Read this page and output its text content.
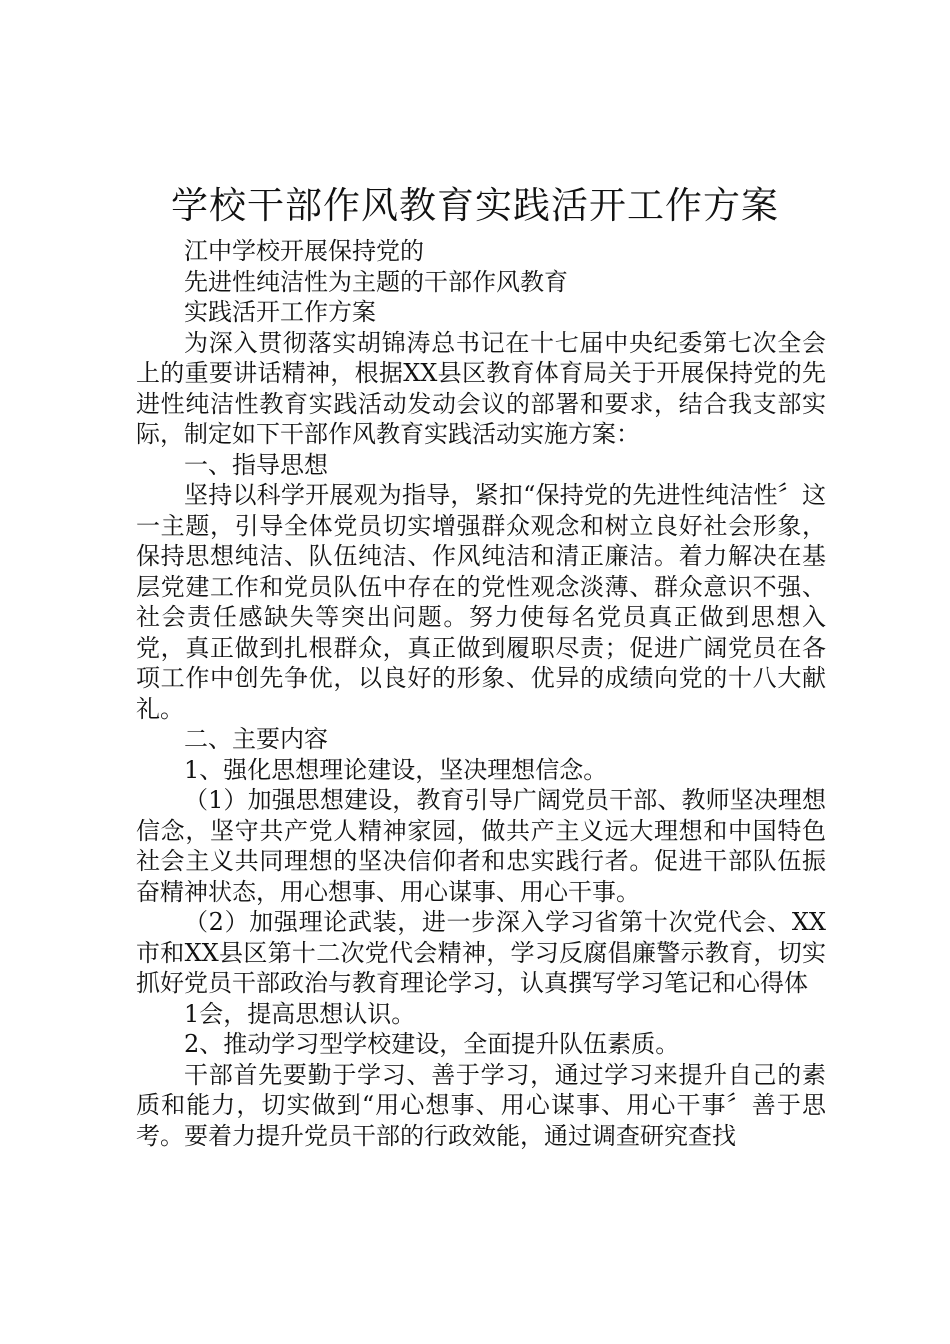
学校干部作风教育实践活开工作方案

江中学校开展保持党的

先进性纯洁性为主题的干部作风教育

实践活开工作方案

为深入贯彻落实胡锦涛总书记在十七届中央纪委第七次全会上的重要讲话精神，根据XX县区教育体育局关于开展保持党的先进性纯洁性教育实践活动发动会议的部署和要求，结合我支部实际，制定如下干部作风教育实践活动实施方案：

一、指导思想

坚持以科学开展观为指导，紧扣“保持党的先进性纯洁性〞这一主题，引导全体党员切实增强群众观念和树立良好社会形象，保持思想纯洁、队伍纯洁、作风纯洁和清正廉洁。着力解决在基层党建工作和党员队伍中存在的党性观念淡薄、群众意识不强、社会责任感缺失等突出问题。努力使每名党员真正做到思想入党，真正做到扎根群众，真正做到履职尽责；促进广阔党员在各项工作中创先争优，以良好的形象、优异的成绩向党的十八大献礼。

二、主要内容

1、强化思想理论建设，坚决理想信念。

（1）加强思想建设，教育引导广阔党员干部、教师坚决理想信念，坚守共产党人精神家园，做共产主义远大理想和中国特色社会主义共同理想的坚决信仰者和忠实践行者。促进干部队伍振奋精神状态，用心想事、用心谋事、用心干事。

（2）加强理论武装，进一步深入学习省第十次党代会、XX市和XX县区第十二次党代会精神，学习反腐倡廉警示教育，切实抓好党员干部政治与教育理论学习，认真撰写学习笔记和心得体

1会，提高思想认识。

2、推动学习型学校建设，全面提升队伍素质。

干部首先要勤于学习、善于学习，通过学习来提升自己的素质和能力，切实做到“用心想事、用心谋事、用心干事〞善于思考。要着力提升党员干部的行政效能，通过调查研究查找
